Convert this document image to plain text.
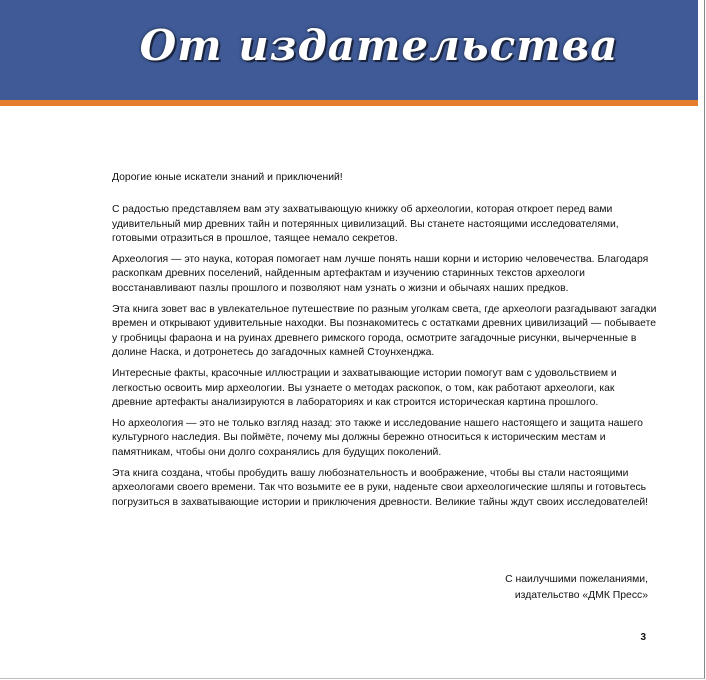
От издательства

Дорогие юные искатели знаний и приключений!

С радостью представляем вам эту захватывающую книжку об археологии, которая откроет перед вами удивительный мир древних тайн и потерянных цивилизаций. Вы станете настоящими исследователями, готовыми отразиться в прошлое, таящее немало секретов.

Археология — это наука, которая помогает нам лучше понять наши корни и историю человечества. Благодаря раскопкам древних поселений, найденным артефактам и изучению старинных текстов археологи восстанавливают пазлы прошлого и позволяют нам узнать о жизни и обычаях наших предков.

Эта книга зовет вас в увлекательное путешествие по разным уголкам света, где археологи разгадывают загадки времен и открывают удивительные находки. Вы познакомитесь с остатками древних цивилизаций — побываете у гробницы фараона и на руинах древнего римского города, осмотрите загадочные рисунки, вычерченные в долине Наска, и дотронетесь до загадочных камней Стоунхенджа.

Интересные факты, красочные иллюстрации и захватывающие истории помогут вам с удовольствием и легкостью освоить мир археологии. Вы узнаете о методах раскопок, о том, как работают археологи, как древние артефакты анализируются в лабораториях и как строится историческая картина прошлого.

Но археология — это не только взгляд назад: это также и исследование нашего настоящего и защита нашего культурного наследия. Вы поймёте, почему мы должны бережно относиться к историческим местам и памятникам, чтобы они долго сохранялись для будущих поколений.

Эта книга создана, чтобы пробудить вашу любознательность и воображение, чтобы вы стали настоящими археологами своего времени. Так что возьмите ее в руки, наденьте свои археологические шляпы и готовьтесь погрузиться в захватывающие истории и приключения древности. Великие тайны ждут своих исследователей!

С наилучшими пожеланиями,
издательство «ДМК Пресс»
3
